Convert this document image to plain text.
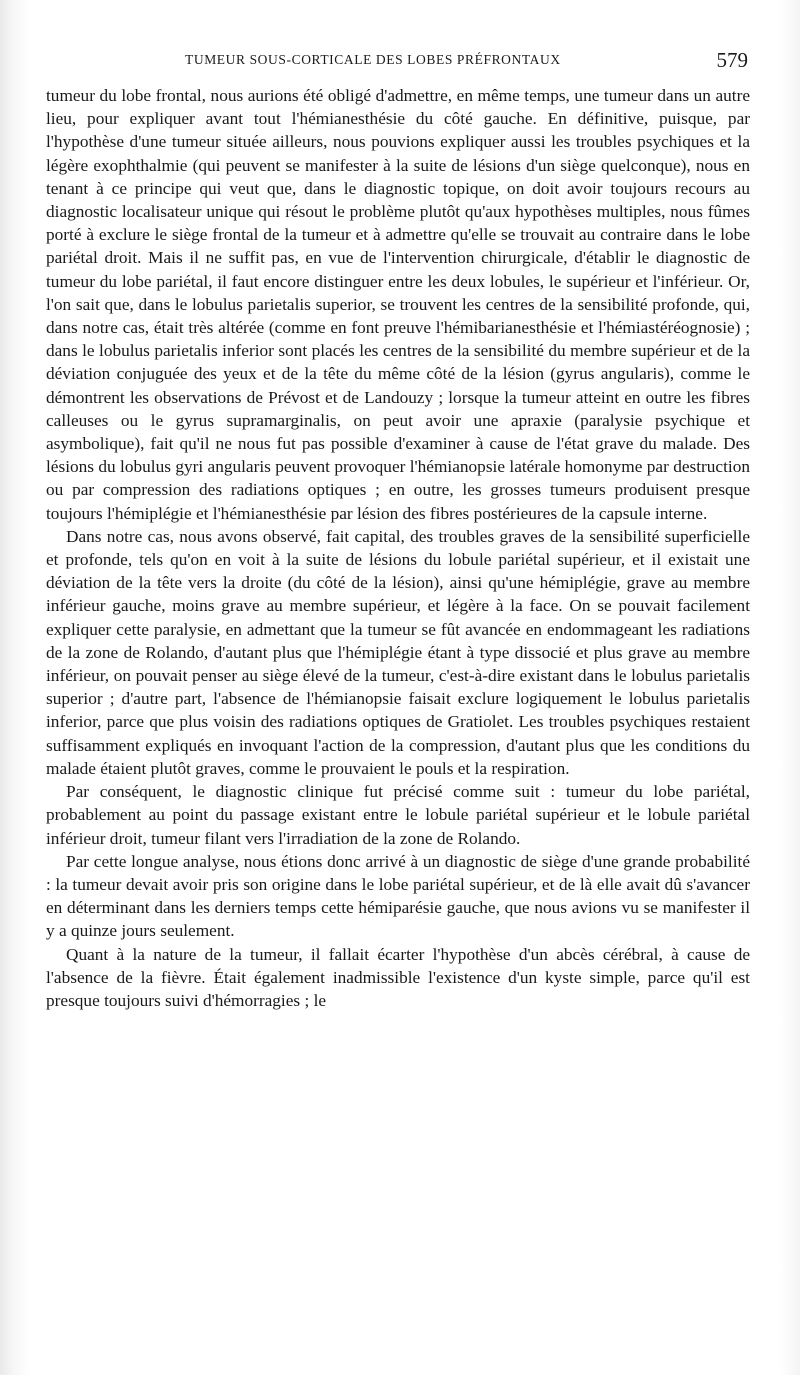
TUMEUR SOUS-CORTICALE DES LOBES PRÉFRONTAUX	579

tumeur du lobe frontal, nous aurions été obligé d'admettre, en même temps, une tumeur dans un autre lieu, pour expliquer avant tout l'hémianesthésie du côté gauche. En définitive, puisque, par l'hypothèse d'une tumeur située ailleurs, nous pouvions expliquer aussi les troubles psychiques et la légère exophthalmie (qui peuvent se manifester à la suite de lésions d'un siège quelconque), nous en tenant à ce principe qui veut que, dans le diagnostic topique, on doit avoir toujours recours au diagnostic localisateur unique qui résout le problème plutôt qu'aux hypothèses multiples, nous fûmes porté à exclure le siège frontal de la tumeur et à admettre qu'elle se trouvait au contraire dans le lobe pariétal droit. Mais il ne suffit pas, en vue de l'intervention chirurgicale, d'établir le diagnostic de tumeur du lobe pariétal, il faut encore distinguer entre les deux lobules, le supérieur et l'inférieur. Or, l'on sait que, dans le lobulus parietalis superior, se trouvent les centres de la sensibilité profonde, qui, dans notre cas, était très altérée (comme en font preuve l'hémibarianesthésie et l'hémiastéréognosie) ; dans le lobulus parietalis inferior sont placés les centres de la sensibilité du membre supérieur et de la déviation conjuguée des yeux et de la tête du même côté de la lésion (gyrus angularis), comme le démontrent les observations de Prévost et de Landouzy ; lorsque la tumeur atteint en outre les fibres calleuses ou le gyrus supramarginalis, on peut avoir une apraxie (paralysie psychique et asymbolique), fait qu'il ne nous fut pas possible d'examiner à cause de l'état grave du malade. Des lésions du lobulus gyri angularis peuvent provoquer l'hémianopsie latérale homonyme par destruction ou par compression des radiations optiques ; en outre, les grosses tumeurs produisent presque toujours l'hémiplégie et l'hémianesthésie par lésion des fibres postérieures de la capsule interne.

Dans notre cas, nous avons observé, fait capital, des troubles graves de la sensibilité superficielle et profonde, tels qu'on en voit à la suite de lésions du lobule pariétal supérieur, et il existait une déviation de la tête vers la droite (du côté de la lésion), ainsi qu'une hémiplégie, grave au membre inférieur gauche, moins grave au membre supérieur, et légère à la face. On se pouvait facilement expliquer cette paralysie, en admettant que la tumeur se fût avancée en endommageant les radiations de la zone de Rolando, d'autant plus que l'hémiplégie étant à type dissocié et plus grave au membre inférieur, on pouvait penser au siège élevé de la tumeur, c'est-à-dire existant dans le lobulus parietalis superior ; d'autre part, l'absence de l'hémianopsie faisait exclure logiquement le lobulus parietalis inferior, parce que plus voisin des radiations optiques de Gratiolet. Les troubles psychiques restaient suffisamment expliqués en invoquant l'action de la compression, d'autant plus que les conditions du malade étaient plutôt graves, comme le prouvaient le pouls et la respiration.

Par conséquent, le diagnostic clinique fut précisé comme suit : tumeur du lobe pariétal, probablement au point du passage existant entre le lobule pariétal supérieur et le lobule pariétal inférieur droit, tumeur filant vers l'irradiation de la zone de Rolando.

Par cette longue analyse, nous étions donc arrivé à un diagnostic de siège d'une grande probabilité : la tumeur devait avoir pris son origine dans le lobe pariétal supérieur, et de là elle avait dû s'avancer en déterminant dans les derniers temps cette hémiparésie gauche, que nous avions vu se manifester il y a quinze jours seulement.

Quant à la nature de la tumeur, il fallait écarter l'hypothèse d'un abcès cérébral, à cause de l'absence de la fièvre. Était également inadmissible l'existence d'un kyste simple, parce qu'il est presque toujours suivi d'hémorragies ; le
